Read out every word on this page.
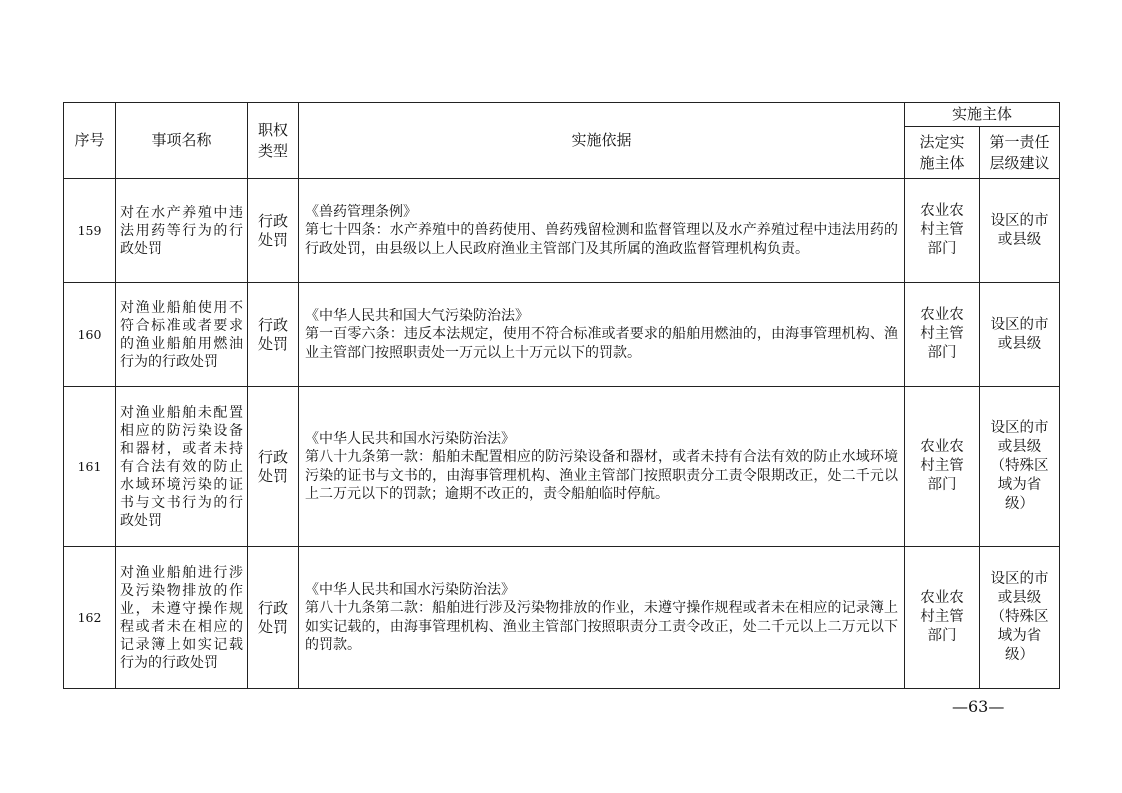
序号	事项名称	职权类型	实施依据	实施主体	

				法定实施主体	第一责任层级建议

159	对在水产养殖中违法用药等行为的行政处罚	行政处罚	《兽药管理条例》
第七十四条：水产养殖中的兽药使用、兽药残留检测和监督管理以及水产养殖过程中违法用药的行政处罚，由县级以上人民政府渔业主管部门及其所属的渔政监督管理机构负责。	农业农村主管部门	设区的市或县级

160	对渔业船舶使用不符合标准或者要求的渔业船舶用燃油行为的行政处罚	行政处罚	《中华人民共和国大气污染防治法》
第一百零六条：违反本法规定，使用不符合标准或者要求的船舶用燃油的，由海事管理机构、渔业主管部门按照职责处一万元以上十万元以下的罚款。	农业农村主管部门	设区的市或县级

161	对渔业船舶未配置相应的防污染设备和器材，或者未持有合法有效的防止水域环境污染的证书与文书行为的行政处罚	行政处罚	《中华人民共和国水污染防治法》
第八十九条第一款：船舶未配置相应的防污染设备和器材，或者未持有合法有效的防止水域环境污染的证书与文书的，由海事管理机构、渔业主管部门按照职责分工责令限期改正，处二千元以上二万元以下的罚款；逾期不改正的，责令船舶临时停航。	农业农村主管部门	设区的市或县级（特殊区域为省级）

162	对渔业船舶进行涉及污染物排放的作业，未遵守操作规程或者未在相应的记录簿上如实记载行为的行政处罚	行政处罚	《中华人民共和国水污染防治法》
第八十九条第二款：船舶进行涉及污染物排放的作业，未遵守操作规程或者未在相应的记录簿上如实记载的，由海事管理机构、渔业主管部门按照职责分工责令改正，处二千元以上二万元以下的罚款。	农业农村主管部门	设区的市或县级（特殊区域为省级）
—63—
